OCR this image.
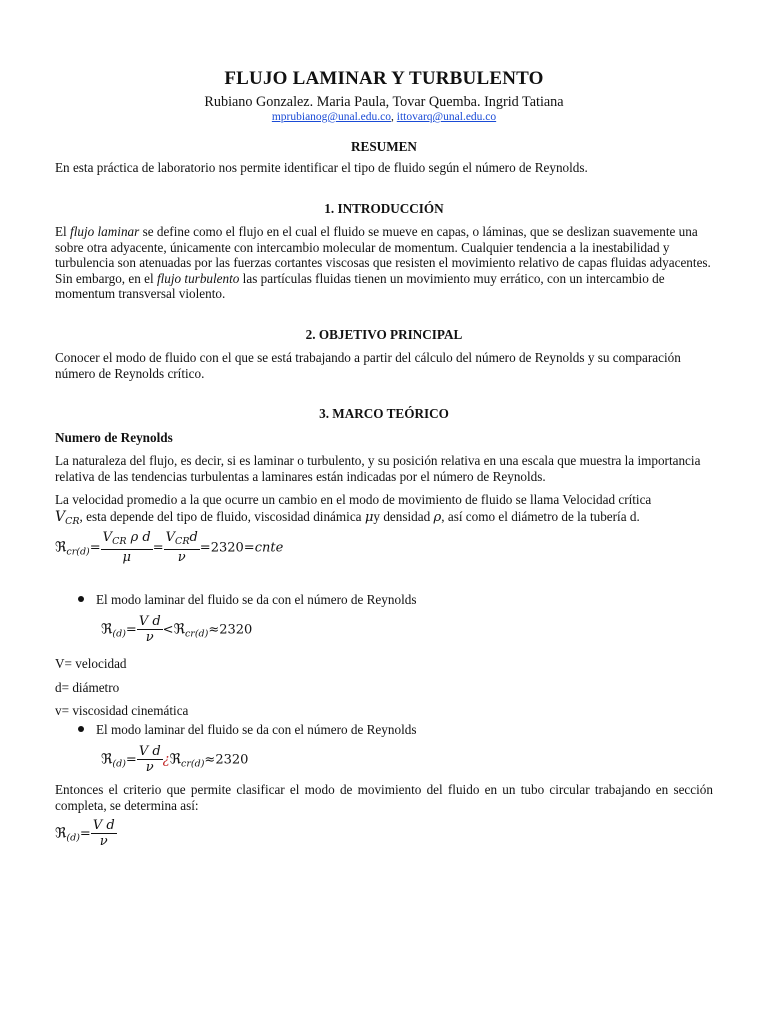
FLUJO LAMINAR Y TURBULENTO
Rubiano Gonzalez. Maria Paula, Tovar Quemba. Ingrid Tatiana
mprubianog@unal.edu.co, ittovarq@unal.edu.co
RESUMEN
En esta práctica de laboratorio nos permite identificar el tipo de fluido según el número de Reynolds.
1. INTRODUCCIÓN
El flujo laminar se define como el flujo en el cual el fluido se mueve en capas, o láminas, que se deslizan suavemente una sobre otra adyacente, únicamente con intercambio molecular de momentum. Cualquier tendencia a la inestabilidad y turbulencia son atenuadas por las fuerzas cortantes viscosas que resisten el movimiento relativo de capas fluidas adyacentes. Sin embargo, en el flujo turbulento las partículas fluidas tienen un movimiento muy errático, con un intercambio de momentum transversal violento.
2. OBJETIVO PRINCIPAL
Conocer el modo de fluido con el que se está trabajando a partir del cálculo del número de Reynolds y su comparación número de Reynolds crítico.
3. MARCO TEÓRICO
Numero de Reynolds
La naturaleza del flujo, es decir, si es laminar o turbulento, y su posición relativa en una escala que muestra la importancia relativa de las tendencias turbulentas a laminares están indicadas por el número de Reynolds.
La velocidad promedio a la que ocurre un cambio en el modo de movimiento de fluido se llama Velocidad crítica
$V_{CR}$, esta depende del tipo de fluido, viscosidad dinámica μy densidad ρ, así como el diámetro de la tubería d.
ℜ$_{cr(d)}$= $\frac{V_{CR} \rho d}{\mu} = \frac{V_{CR}d}{\nu}$ =2320=cnte
El modo laminar del fluido se da con el número de Reynolds
ℜ$_{(d)}$= $\frac{\text{V d}}{\nu}$ <ℜ$_{cr(d)}$≈2320
V= velocidad
d= diámetro
v= viscosidad cinemática
El modo laminar del fluido se da con el número de Reynolds
ℜ$_{(d)}$= $\frac{\text{V d}}{\nu}$ ¿ℜ$_{cr(d)}$≈2320
Entonces el criterio que permite clasificar el modo de movimiento del fluido en un tubo circular trabajando en sección completa, se determina así:
ℜ$_{(d)}$= $\frac{\text{V d}}{\nu}$
